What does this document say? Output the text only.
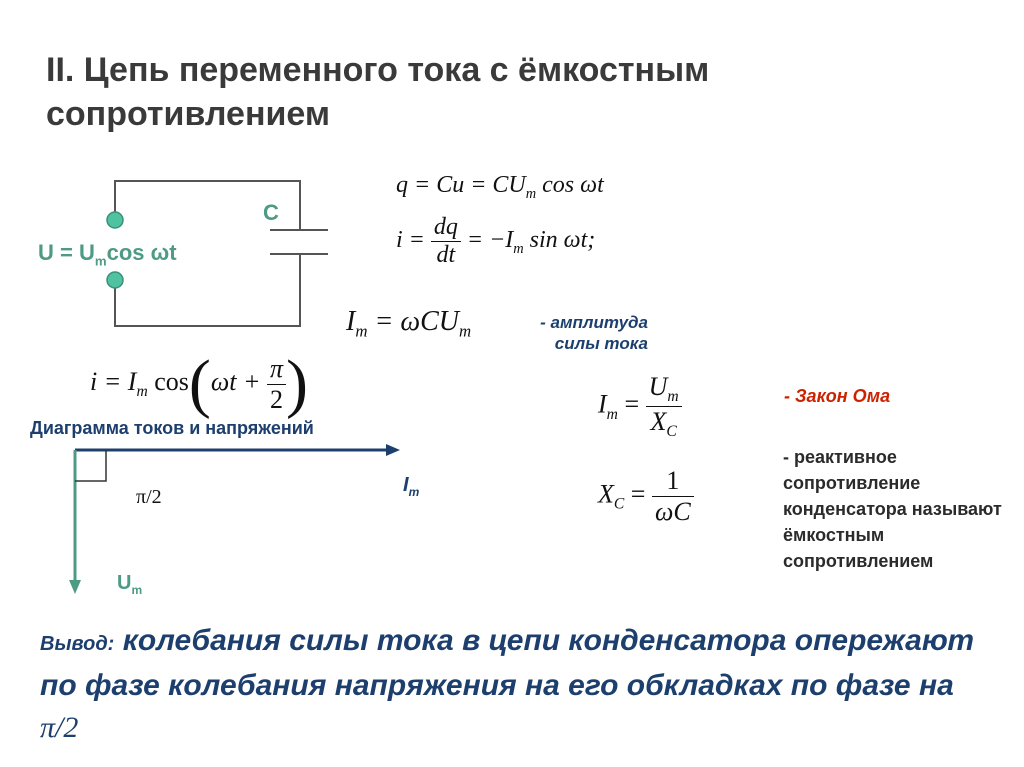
II. Цепь переменного тока с ёмкостным сопротивлением
C
$U = U_m\cos$ ωt
$q = Cu = CU_m$ cos ωt
$i = \frac{dq}{dt} = -I_m$ sin ωt;
$I_m = \omega CU_m$	- амплитуда силы тока
$i = I_m$ $\cos(\omega t + \frac{\pi}{2}$ )	$I_m = \frac{U_m}{X_C}$
$X_C = \frac{1}{\omega C}$
- Закон Ома
- реактивное сопротивление конденсатора называют ёмкостным сопротивлением
Диаграмма токов и напряжений
π/2
$I_m$
$U_m$
Вывод: колебания силы тока в цепи конденсатора опережают по фазе колебания напряжения на его обкладках по фазе на π/2
